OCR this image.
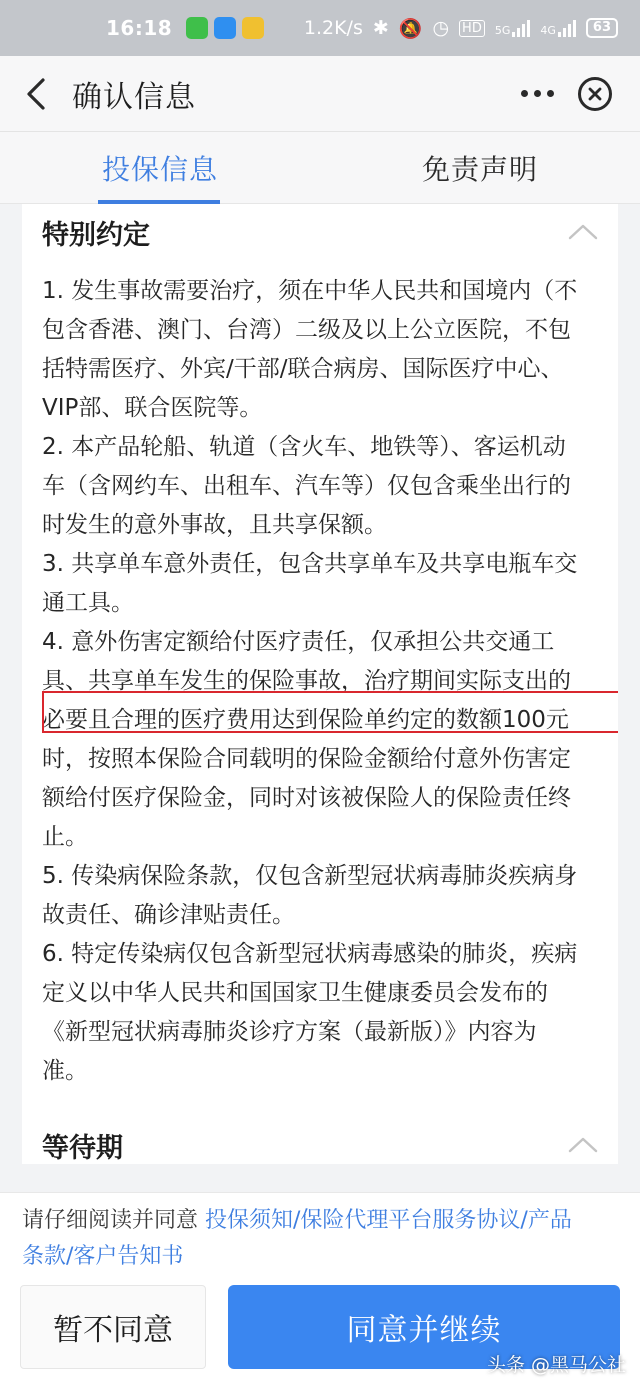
16:18	1.2K/s ✱ 🔕 ◷ HD 5G	4G	63
确认信息
投保信息	免责声明
特别约定
1. 发生事故需要治疗，须在中华人民共和国境内（不
包含香港、澳门、台湾）二级及以上公立医院，不包
括特需医疗、外宾/干部/联合病房、国际医疗中心、
VIP部、联合医院等。
2. 本产品轮船、轨道（含火车、地铁等）、客运机动
车（含网约车、出租车、汽车等）仅包含乘坐出行的
时发生的意外事故，且共享保额。
3. 共享单车意外责任，包含共享单车及共享电瓶车交
通工具。
4. 意外伤害定额给付医疗责任，仅承担公共交通工
具、共享单车发生的保险事故，治疗期间实际支出的
必要且合理的医疗费用达到保险单约定的数额100元
时，按照本保险合同载明的保险金额给付意外伤害定
额给付医疗保险金，同时对该被保险人的保险责任终
止。
5. 传染病保险条款，仅包含新型冠状病毒肺炎疾病身
故责任、确诊津贴责任。
6. 特定传染病仅包含新型冠状病毒感染的肺炎，疾病
定义以中华人民共和国国家卫生健康委员会发布的
《新型冠状病毒肺炎诊疗方案（最新版）》内容为
准。
等待期
请仔细阅读并同意 投保须知/保险代理平台服务协议/产品
条款/客户告知书
暂不同意	同意并继续
头条 @黑马公社
